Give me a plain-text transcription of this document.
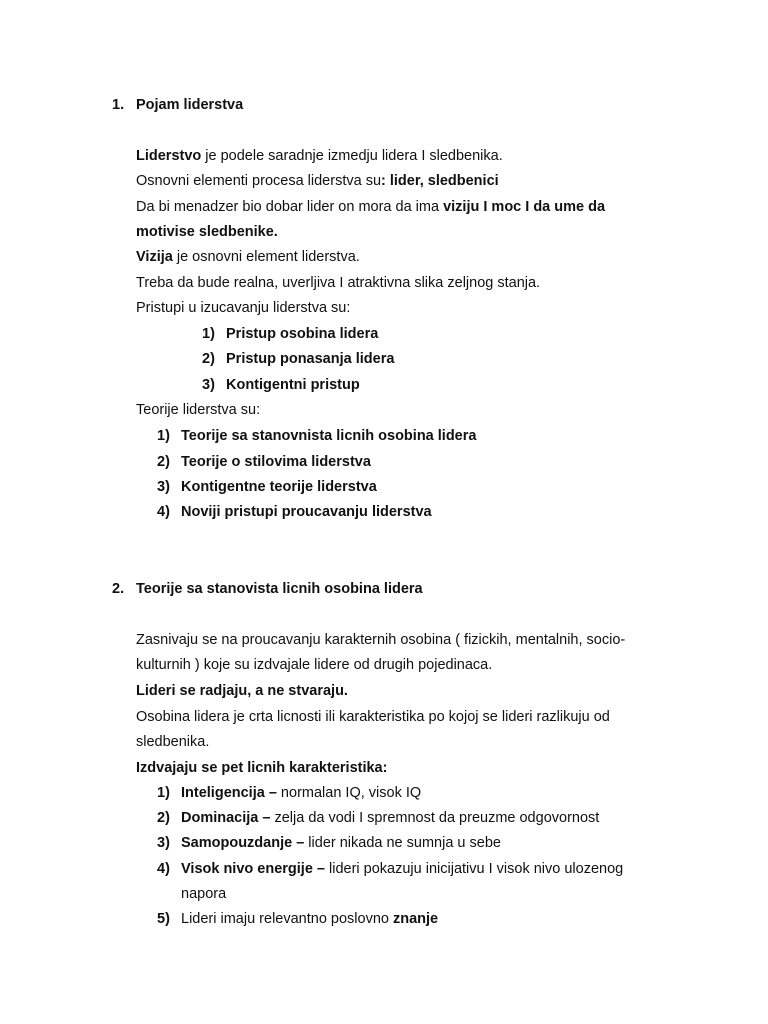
1. Pojam liderstva
Liderstvo je podele saradnje izmedju lidera I sledbenika.
Osnovni elementi procesa liderstva su: lider, sledbenici
Da bi menadzer bio dobar lider on mora da ima viziju I moc I da ume da
motivise sledbenike.
Vizija je osnovni element liderstva.
Treba da bude realna, uverljiva I atraktivna slika zeljnog stanja.
Pristupi u izucavanju liderstva su:
1) Pristup osobina lidera
2) Pristup ponasanja lidera
3) Kontigentni pristup
Teorije liderstva su:
1) Teorije sa stanovnista licnih osobina lidera
2) Teorije o stilovima liderstva
3) Kontigentne teorije liderstva
4) Noviji pristupi proucavanju liderstva
2. Teorije sa stanovista licnih osobina lidera
Zasnivaju se na proucavanju karakternih osobina ( fizickih, mentalnih, socio-
kulturnih ) koje su izdvajale lidere od drugih pojedinaca.
Lideri se radjaju, a ne stvaraju.
Osobina lidera je crta licnosti ili karakteristika po kojoj se lideri razlikuju od
sledbenika.
Izdvajaju se pet licnih karakteristika:
1) Inteligencija – normalan IQ, visok IQ
2) Dominacija – zelja da vodi I spremnost da preuzme odgovornost
3) Samopouzdanje – lider nikada ne sumnja u sebe
4) Visok nivo energije – lideri pokazuju inicijativu I visok nivo ulozenog
napora
5) Lideri imaju relevantno poslovno znanje
